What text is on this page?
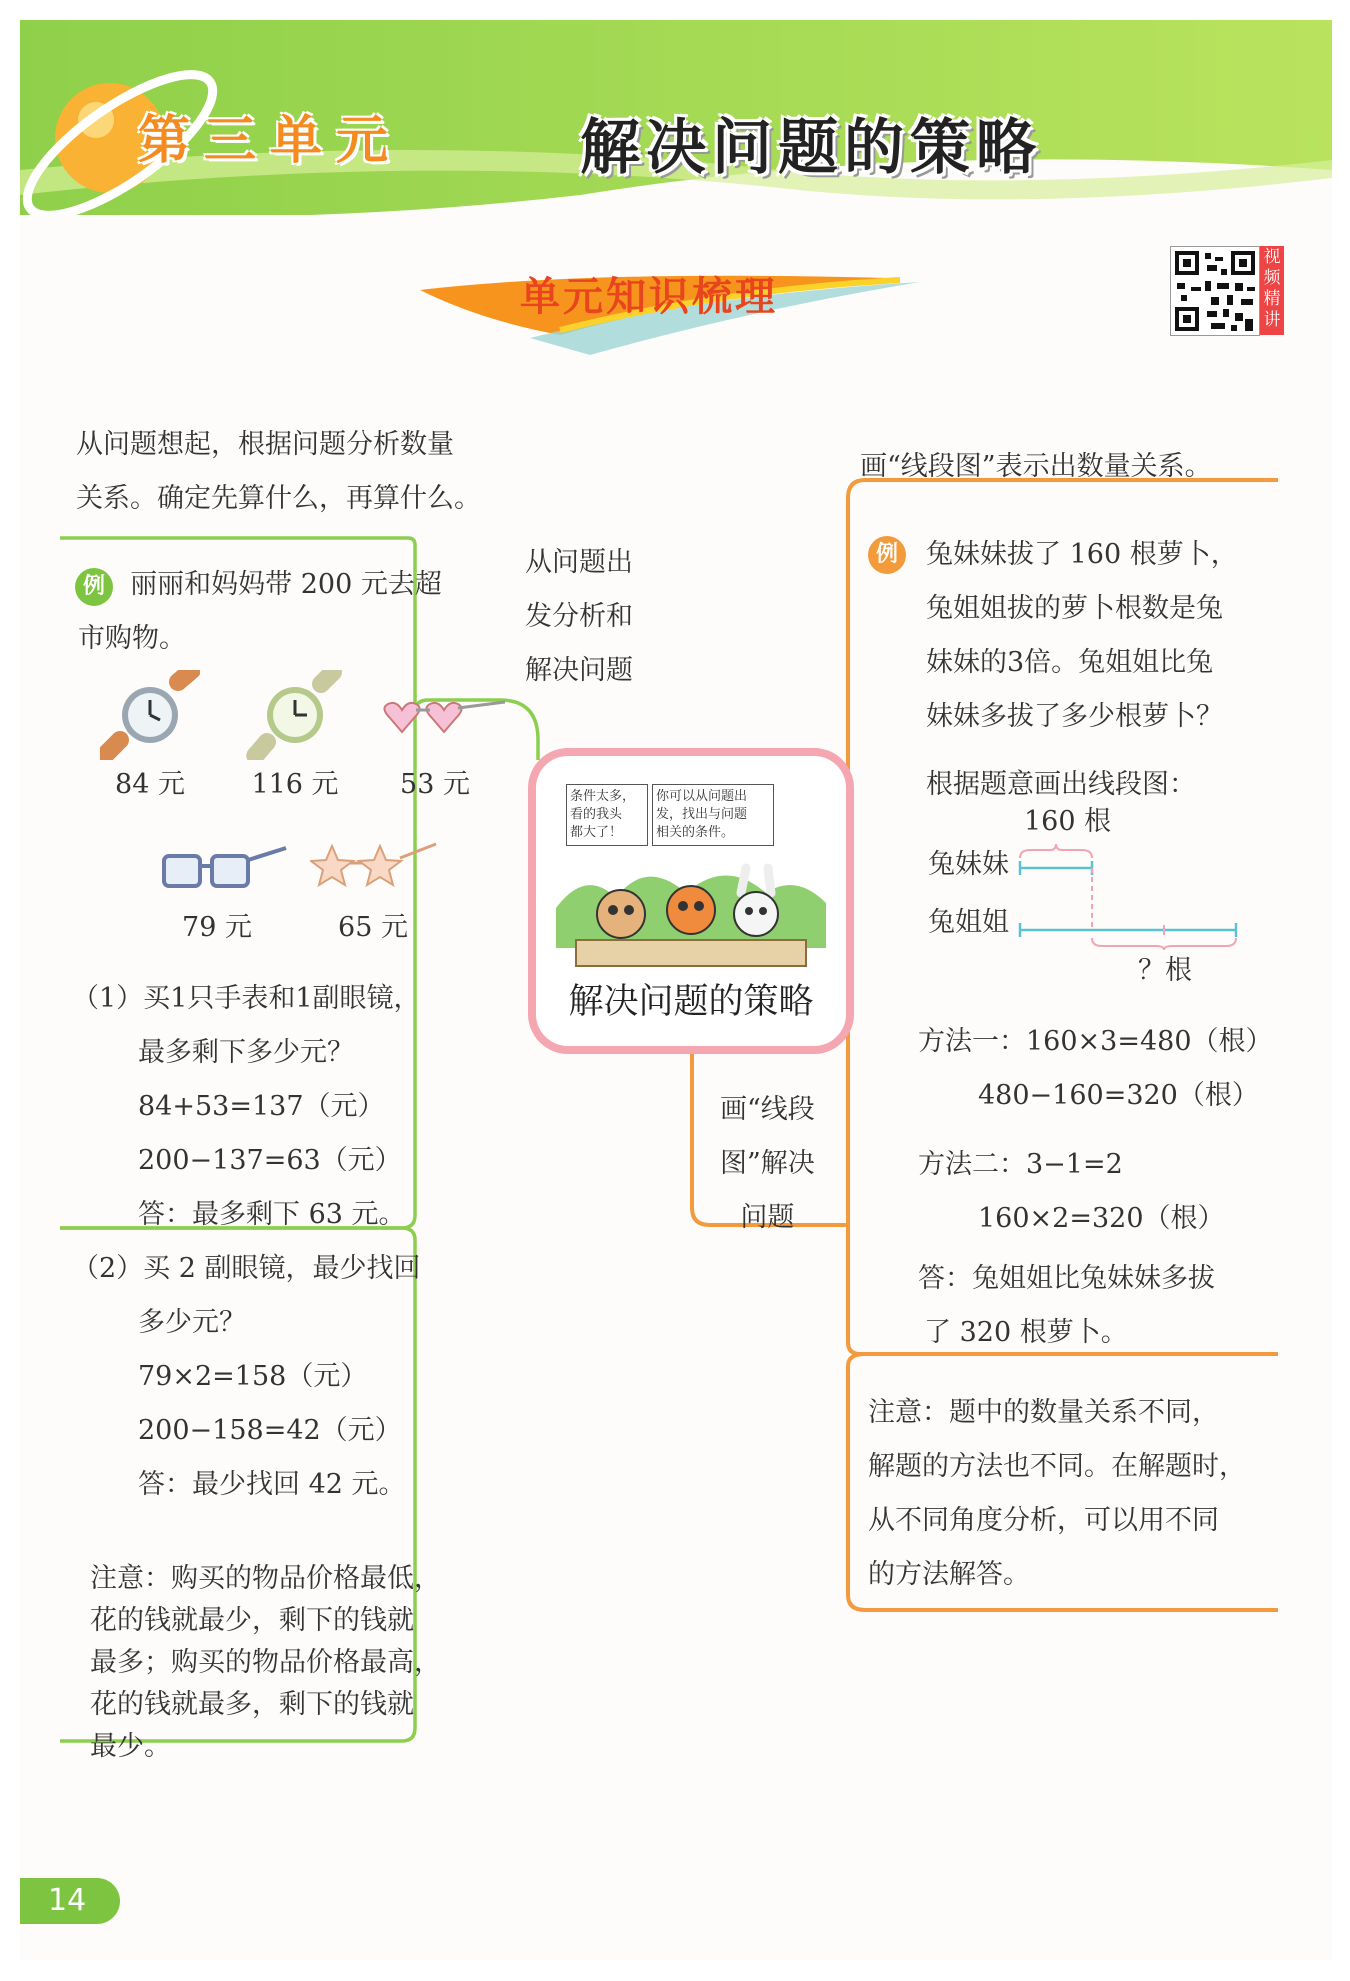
第三单元	解决问题的策略
单元知识梳理
视频精讲
从问题想起，根据问题分析数量
关系。确定先算什么，再算什么。
例 丽丽和妈妈带 200 元去超
市购物。
84 元	116 元	53 元
79 元	65 元
（1）买1只手表和1副眼镜，
最多剩下多少元？
84+53=137（元）
200−137=63（元）
答：最多剩下 63 元。
（2）买 2 副眼镜，最少找回
多少元？
79×2=158（元）
200−158=42（元）
答：最少找回 42 元。
注意：购买的物品价格最低，
花的钱就最少，剩下的钱就
最多；购买的物品价格最高，
花的钱就最多，剩下的钱就
最少。
从问题出
发分析和
解决问题
条件太多，
看的我头
都大了！
你可以从问题出
发，找出与问题
相关的条件。
解决问题的策略
画“线段
图”解决
问题
画“线段图”表示出数量关系。
例 兔妹妹拔了 160 根萝卜，
兔姐姐拔的萝卜根数是兔
妹妹的3倍。兔姐姐比兔
妹妹多拔了多少根萝卜？
根据题意画出线段图：
160 根
兔妹妹
兔姐姐
？根
方法一：160×3=480（根）
480−160=320（根）
方法二：3−1=2
160×2=320（根）
答：兔姐姐比兔妹妹多拔
了 320 根萝卜。
注意：题中的数量关系不同，
解题的方法也不同。在解题时，
从不同角度分析，可以用不同
的方法解答。
14
